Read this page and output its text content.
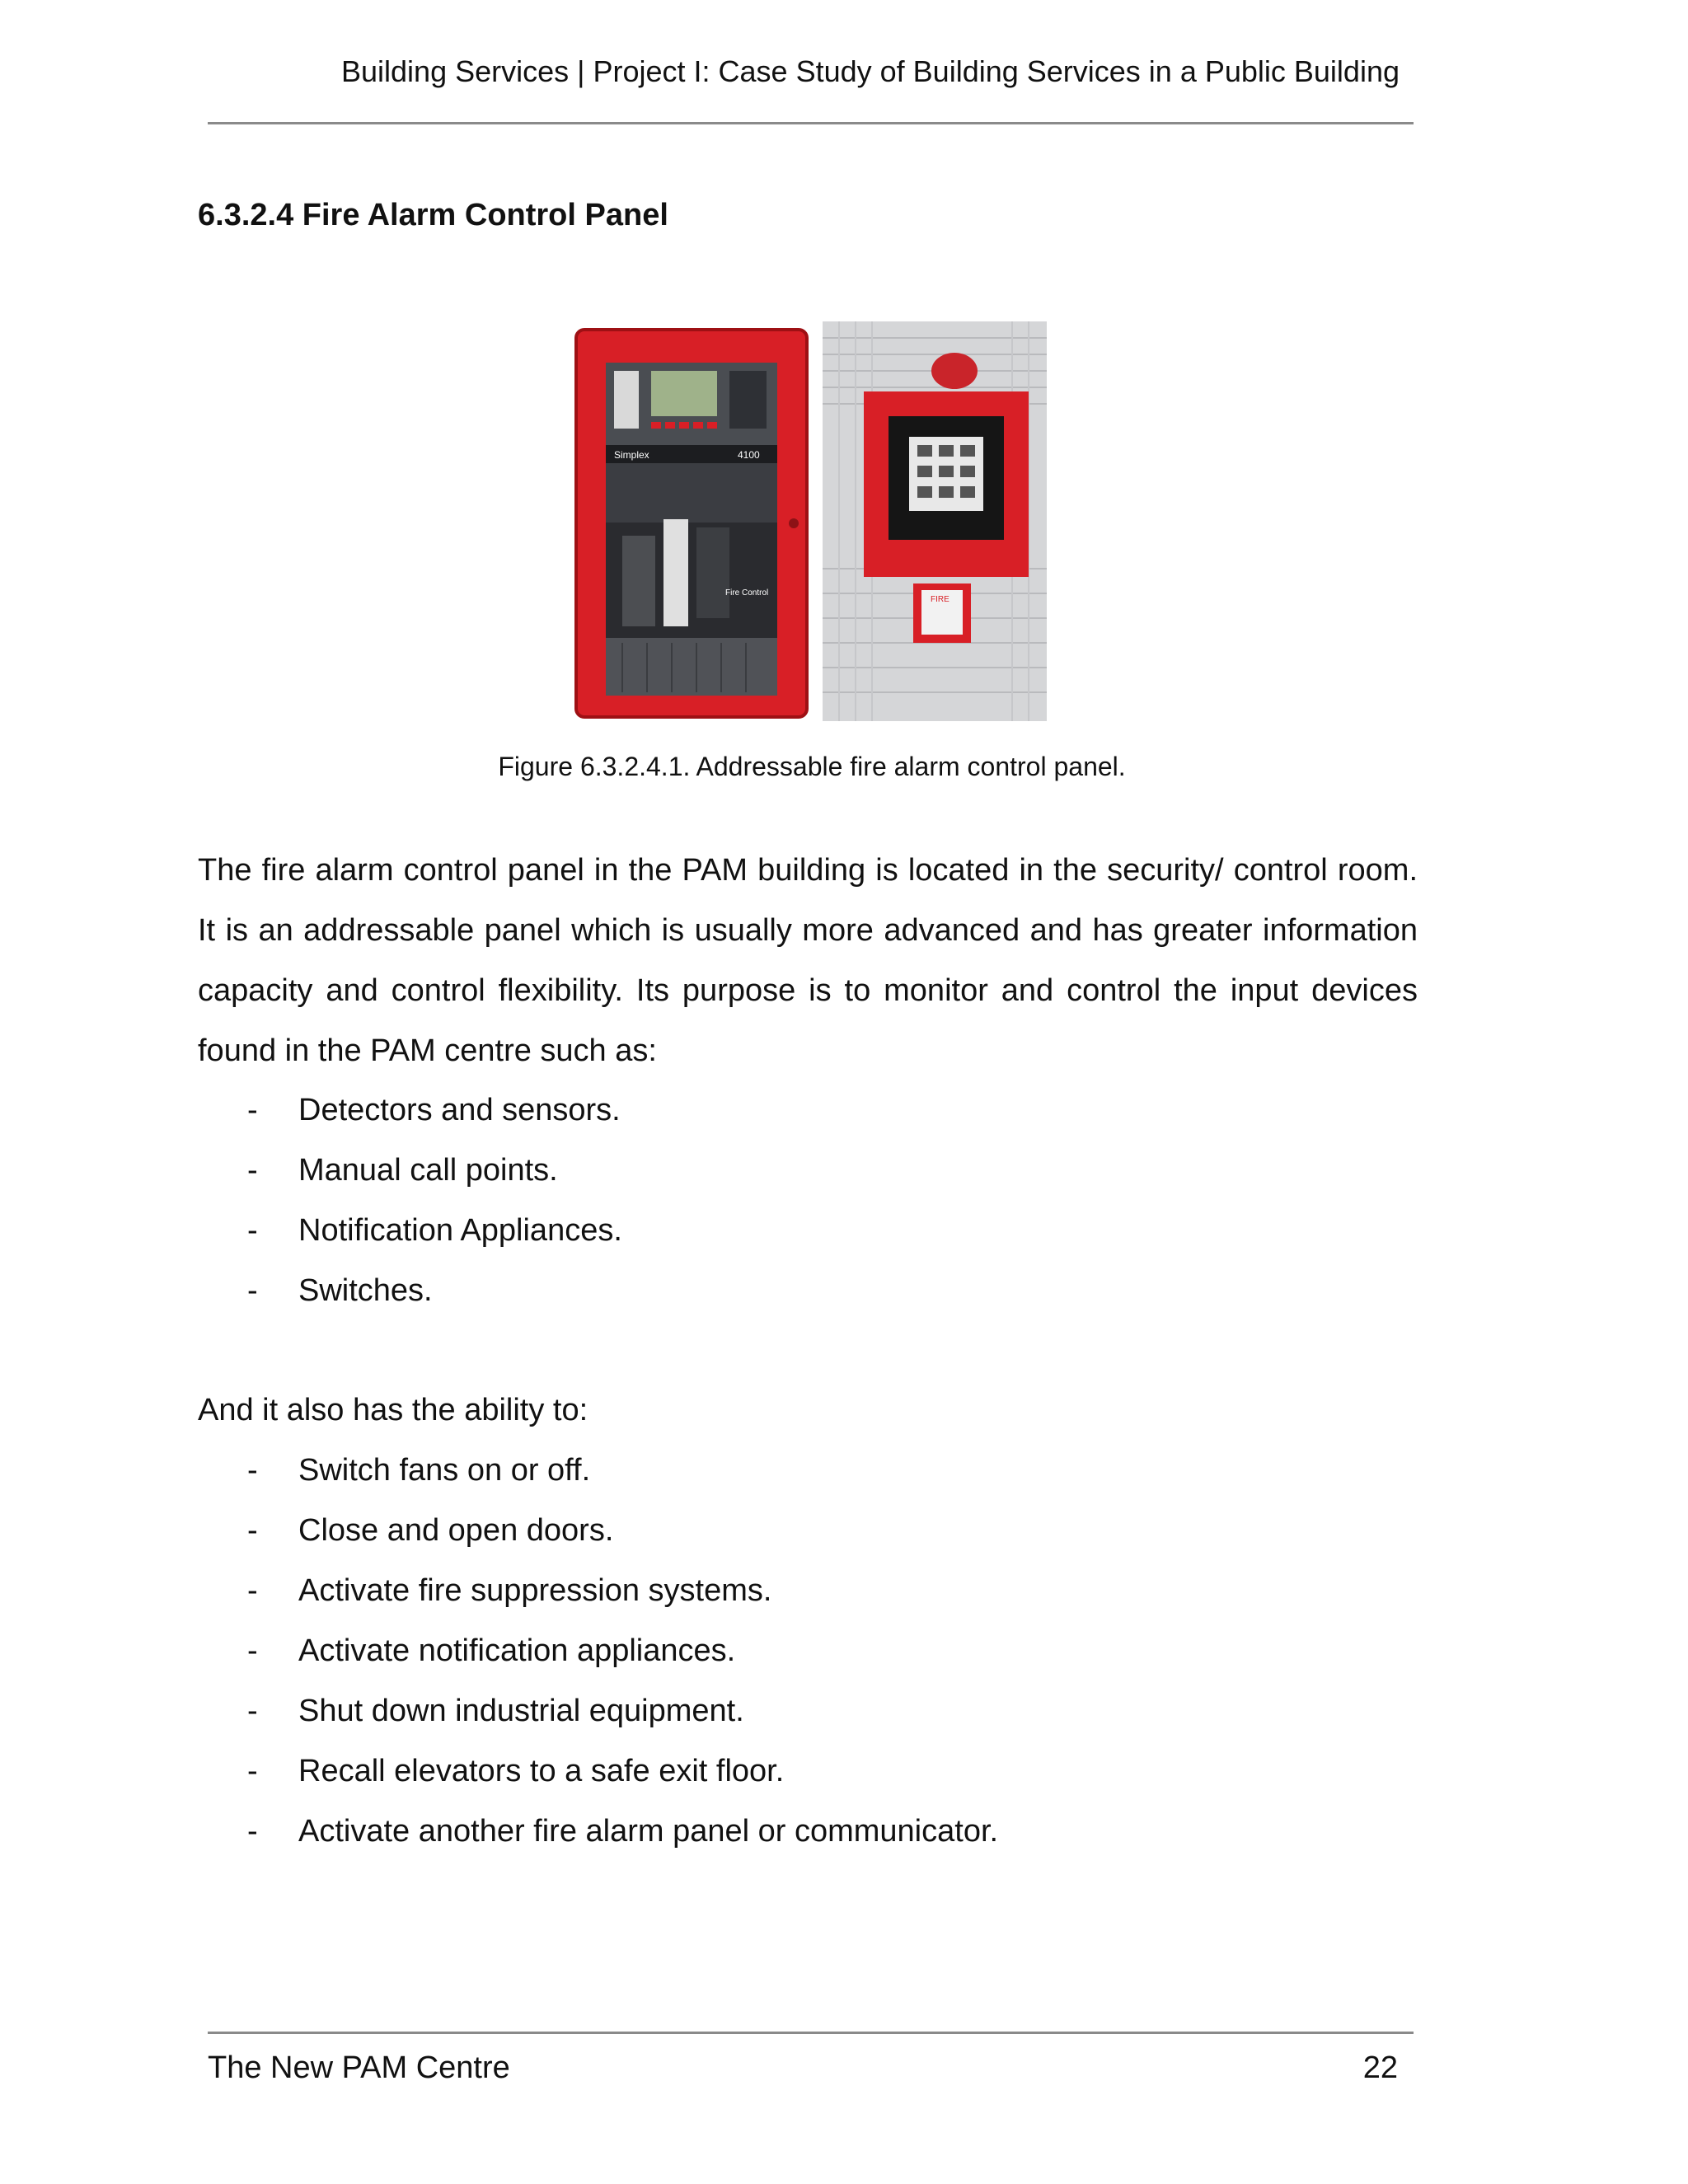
Building Services | Project I: Case Study of Building Services in a Public Building
6.3.2.4 Fire Alarm Control Panel
Simplex	4100
Fire Control
FIRE
Figure 6.3.2.4.1. Addressable fire alarm control panel.

The fire alarm control panel in the PAM building is located in the security/ control room. It is an addressable panel which is usually more advanced and has greater information capacity and control flexibility. Its purpose is to monitor and control the input devices found in the PAM centre such as:

- Detectors and sensors.
- Manual call points.
- Notification Appliances.
- Switches.
And it also has the ability to:
- Switch fans on or off.
- Close and open doors.
- Activate fire suppression systems.
- Activate notification appliances.
- Shut down industrial equipment.
- Recall elevators to a safe exit floor.
- Activate another fire alarm panel or communicator.
The New PAM Centre	22
